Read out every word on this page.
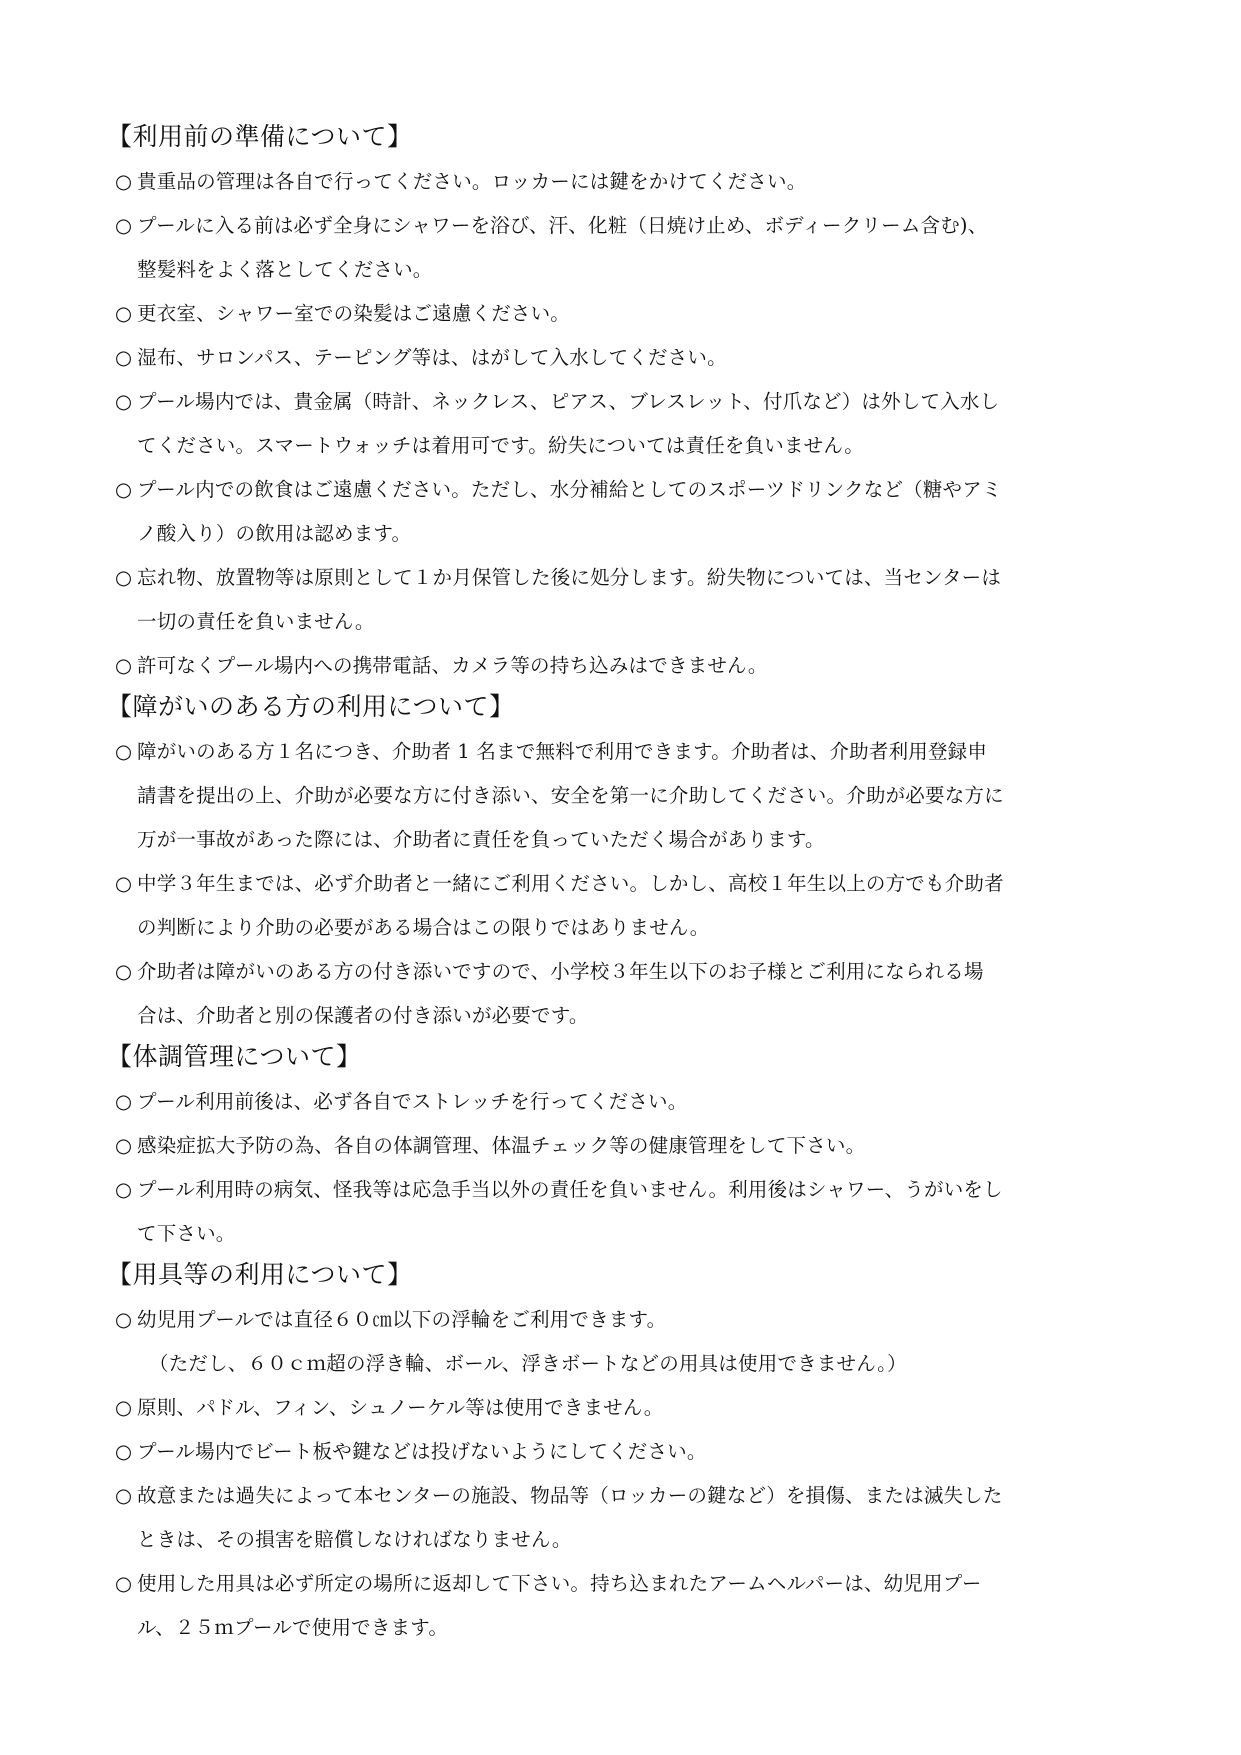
【利用前の準備について】
○ 貴重品の管理は各自で行ってください。ロッカーには鍵をかけてください。
○ プールに入る前は必ず全身にシャワーを浴び、汗、化粧（日焼け止め、ボディークリーム含む)、
整髪料をよく落としてください。
○ 更衣室、シャワー室での染髪はご遠慮ください。
○ 湿布、サロンパス、テーピング等は、はがして入水してください。
○ プール場内では、貴金属（時計、ネックレス、ピアス、ブレスレット、付爪など）は外して入水し
てください。スマートウォッチは着用可です。紛失については責任を負いません。
○ プール内での飲食はご遠慮ください。ただし、水分補給としてのスポーツドリンクなど（糖やアミ
ノ酸入り）の飲用は認めます。
○ 忘れ物、放置物等は原則として１か月保管した後に処分します。紛失物については、当センターは
一切の責任を負いません。
○ 許可なくプール場内への携帯電話、カメラ等の持ち込みはできません。
【障がいのある方の利用について】
○ 障がいのある方１名につき、介助者 1 名まで無料で利用できます。介助者は、介助者利用登録申
請書を提出の上、介助が必要な方に付き添い、安全を第一に介助してください。介助が必要な方に
万が一事故があった際には、介助者に責任を負っていただく場合があります。
○ 中学３年生までは、必ず介助者と一緒にご利用ください。しかし、高校１年生以上の方でも介助者
の判断により介助の必要がある場合はこの限りではありません。
○ 介助者は障がいのある方の付き添いですので、小学校３年生以下のお子様とご利用になられる場
合は、介助者と別の保護者の付き添いが必要です。
【体調管理について】
○ プール利用前後は、必ず各自でストレッチを行ってください。
○ 感染症拡大予防の為、各自の体調管理、体温チェック等の健康管理をして下さい。
○ プール利用時の病気、怪我等は応急手当以外の責任を負いません。利用後はシャワー、うがいをし
て下さい。
【用具等の利用について】
○ 幼児用プールでは直径６０㎝以下の浮輪をご利用できます。
（ただし、６０ｃｍ超の浮き輪、ボール、浮きボートなどの用具は使用できません。）
○ 原則、パドル、フィン、シュノーケル等は使用できません。
○ プール場内でビート板や鍵などは投げないようにしてください。
○ 故意または過失によって本センターの施設、物品等（ロッカーの鍵など）を損傷、または滅失した
ときは、その損害を賠償しなければなりません。
○ 使用した用具は必ず所定の場所に返却して下さい。持ち込まれたアームヘルパーは、幼児用プー
ル、２５ｍプールで使用できます。
